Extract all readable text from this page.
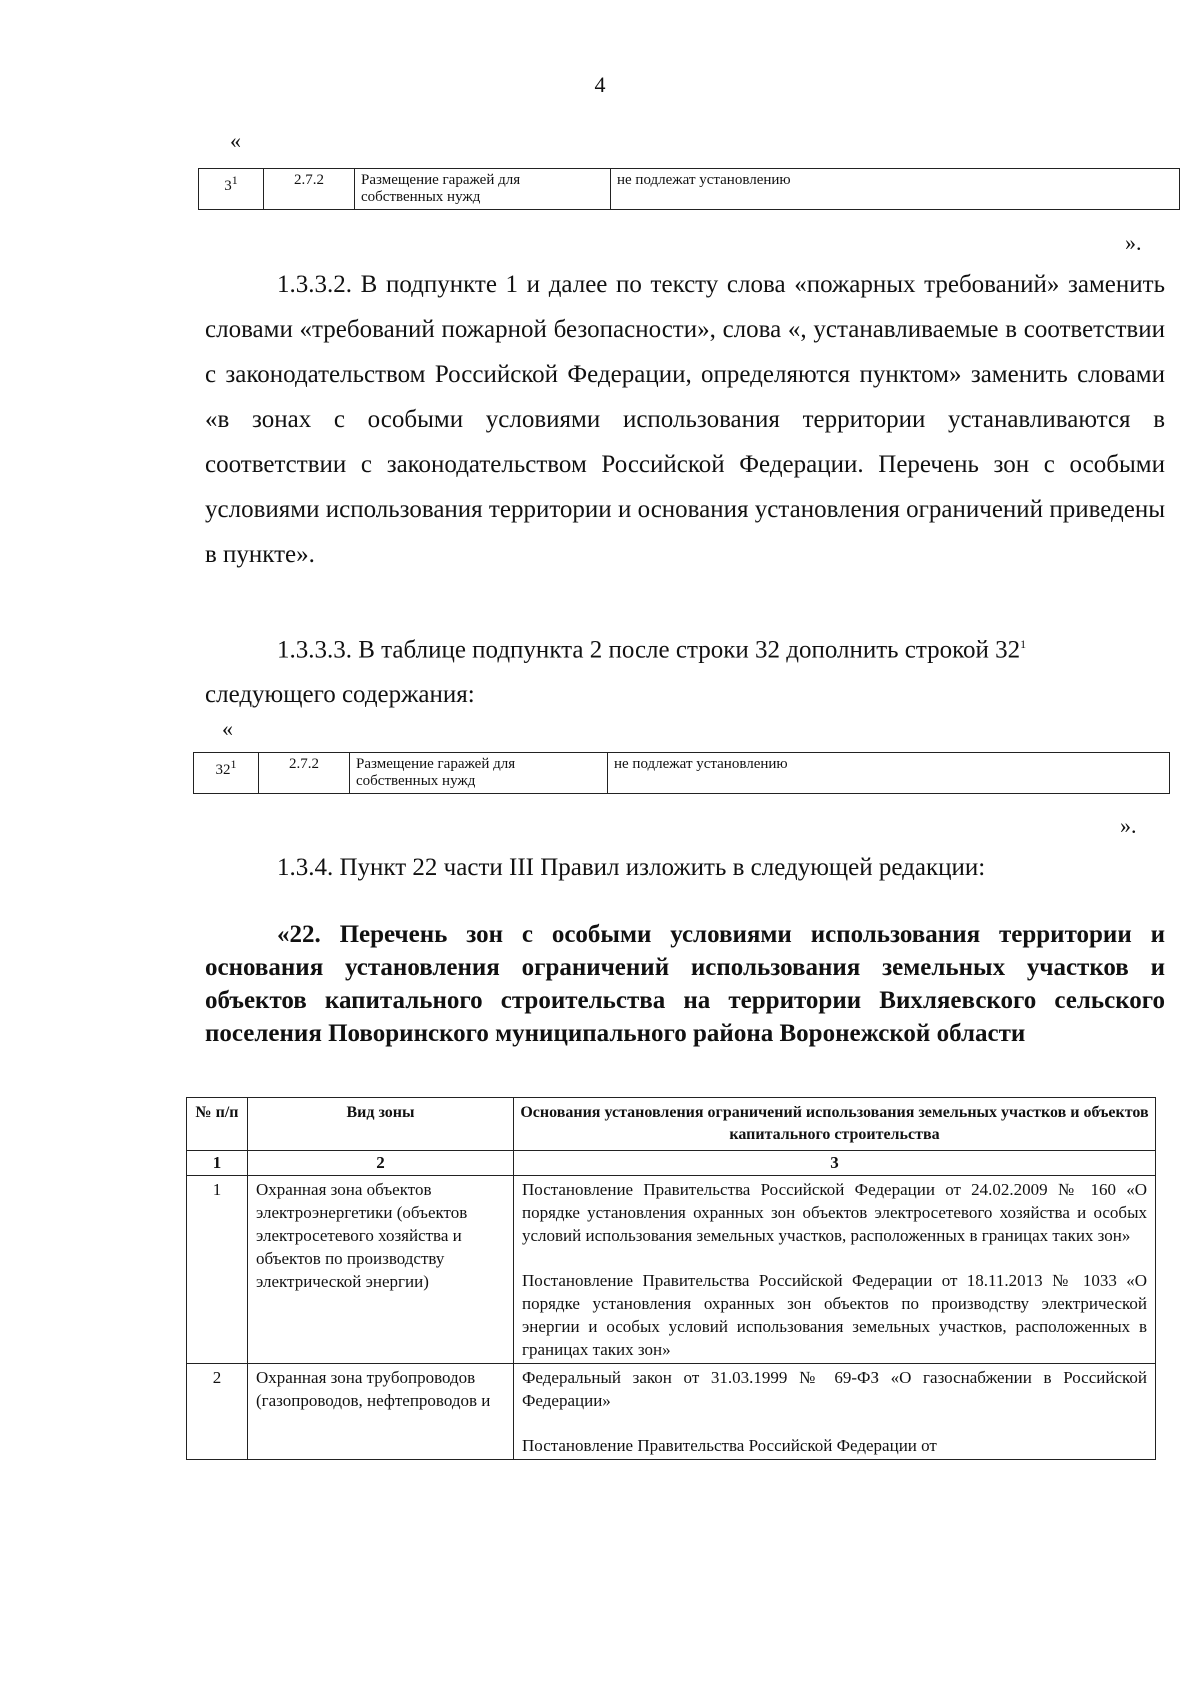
4
«
$3^1$	2.7.2	Размещение гаражей для собственных нужд	не подлежат установлению
».
1.3.3.2. В подпункте 1 и далее по тексту слова «пожарных требований» заменить словами «требований пожарной безопасности», слова «, устанавливаемые в соответствии с законодательством Российской Федерации, определяются пунктом» заменить словами «в зонах с особыми условиями использования территории устанавливаются в соответствии с законодательством Российской Федерации. Перечень зон с особыми условиями использования территории и основания установления ограничений приведены в пункте».
1.3.3.3. В таблице подпункта 2 после строки 32 дополнить строкой $32^1$
следующего содержания:
«
$32^1$	2.7.2	Размещение гаражей для собственных нужд	не подлежат установлению
».
1.3.4. Пункт 22 части III Правил изложить в следующей редакции:
«22. Перечень зон с особыми условиями использования территории и основания установления ограничений использования земельных участков и объектов капитального строительства на территории Вихляевского сельского поселения Поворинского муниципального района Воронежской области
№ п/п	Вид зоны	Основания установления ограничений использования земельных участков и объектов капитального строительства
1	2	3
1	Охранная зона объектов электроэнергетики (объектов электросетевого хозяйства и объектов по производству электрической энергии)	Постановление Правительства Российской Федерации от 24.02.2009 № 160 «О порядке установления охранных зон объектов электросетевого хозяйства и особых условий использования земельных участков, расположенных в границах таких зон»

Постановление Правительства Российской Федерации от 18.11.2013 № 1033 «О порядке установления охранных зон объектов по производству электрической энергии и особых условий использования земельных участков, расположенных в границах таких зон»

2	Охранная зона трубопроводов (газопроводов, нефтепроводов и	Федеральный закон от 31.03.1999 № 69-ФЗ «О газоснабжении в Российской Федерации»

Постановление Правительства Российской Федерации от
